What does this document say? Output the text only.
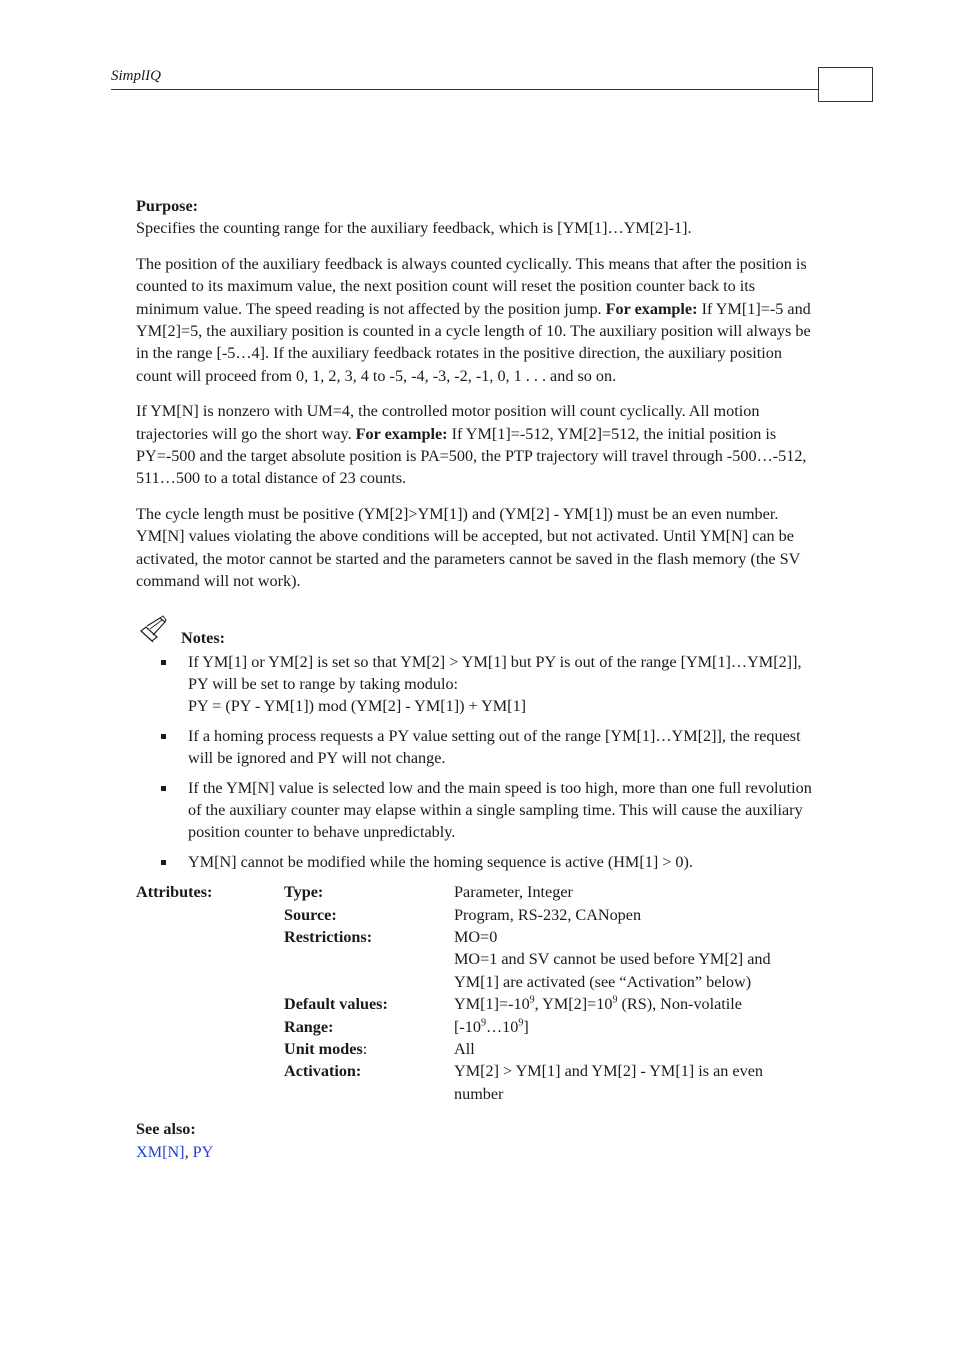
SimplIQ

Purpose:

Specifies the counting range for the auxiliary feedback, which is [YM[1]…YM[2]-1].

The position of the auxiliary feedback is always counted cyclically. This means that after the position is counted to its maximum value, the next position count will reset the position counter back to its minimum value. The speed reading is not affected by the position jump. For example: If YM[1]=-5 and YM[2]=5, the auxiliary position is counted in a cycle length of 10. The auxiliary position will always be in the range [-5…4]. If the auxiliary feedback rotates in the positive direction, the auxiliary position count will proceed from 0, 1, 2, 3, 4 to -5, -4, -3, -2, -1, 0, 1 . . . and so on.

If YM[N] is nonzero with UM=4, the controlled motor position will count cyclically. All motion trajectories will go the short way. For example: If YM[1]=-512, YM[2]=512, the initial position is PY=-500 and the target absolute position is PA=500, the PTP trajectory will travel through -500…-512, 511…500 to a total distance of 23 counts.

The cycle length must be positive (YM[2]>YM[1]) and (YM[2] - YM[1]) must be an even number. YM[N] values violating the above conditions will be accepted, but not activated. Until YM[N] can be activated, the motor cannot be started and the parameters cannot be saved in the flash memory (the SV command will not work).

Notes:
If YM[1] or YM[2] is set so that YM[2] > YM[1] but PY is out of the range [YM[1]…YM[2]], PY will be set to range by taking modulo:
PY = (PY - YM[1]) mod (YM[2] - YM[1]) + YM[1]
If a homing process requests a PY value setting out of the range [YM[1]…YM[2]], the request will be ignored and PY will not change.
If the YM[N] value is selected low and the main speed is too high, more than one full revolution of the auxiliary counter may elapse within a single sampling time. This will cause the auxiliary position counter to behave unpredictably.
YM[N] cannot be modified while the homing sequence is active (HM[1] > 0).
Attributes:	Type:	Parameter, Integer
Source:	Program, RS-232, CANopen
Restrictions:	MO=0
MO=1 and SV cannot be used before YM[2] and YM[1] are activated (see “Activation” below)
Default values:	$YM[1]=-10^9$, $YM[2]=10^9$ (RS), Non-volatile
Range:	$[-10^9\dots 10^9]$
Unit modes:	All
Activation:	YM[2] > YM[1] and YM[2] - YM[1] is an even number

See also:

XM[N], PY
